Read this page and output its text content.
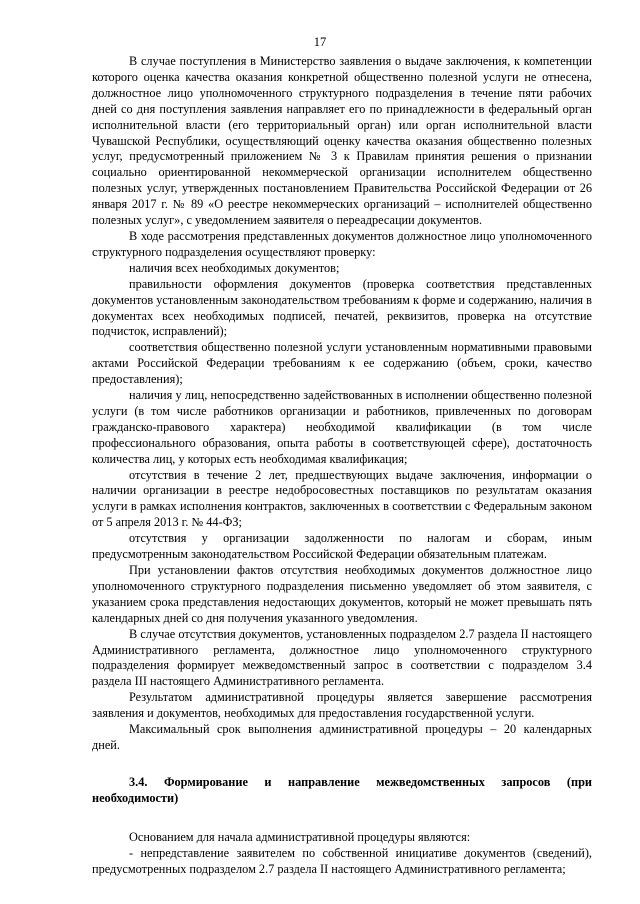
17

В случае поступления в Министерство заявления о выдаче заключения, к компетенции которого оценка качества оказания конкретной общественно полезной услуги не отнесена, должностное лицо уполномоченного структурного подразделения в течение пяти рабочих дней со дня поступления заявления направляет его по принадлежности в федеральный орган исполнительной власти (его территориальный орган) или орган исполнительной власти Чувашской Республики, осуществляющий оценку качества оказания общественно полезных услуг, предусмотренный приложением № 3 к Правилам принятия решения о признании социально ориентированной некоммерческой организации исполнителем общественно полезных услуг, утвержденных постановлением Правительства Российской Федерации от 26 января 2017 г. № 89 «О реестре некоммерческих организаций – исполнителей общественно полезных услуг», с уведомлением заявителя о переадресации документов.

В ходе рассмотрения представленных документов должностное лицо уполномоченного структурного подразделения осуществляют проверку:

наличия всех необходимых документов;

правильности оформления документов (проверка соответствия представленных документов установленным законодательством требованиям к форме и содержанию, наличия в документах всех необходимых подписей, печатей, реквизитов, проверка на отсутствие подчисток, исправлений);

соответствия общественно полезной услуги установленным нормативными правовыми актами Российской Федерации требованиям к ее содержанию (объем, сроки, качество предоставления);

наличия у лиц, непосредственно задействованных в исполнении общественно полезной услуги (в том числе работников организации и работников, привлеченных по договорам гражданско-правового характера) необходимой квалификации (в том числе профессионального образования, опыта работы в соответствующей сфере), достаточность количества лиц, у которых есть необходимая квалификация;

отсутствия в течение 2 лет, предшествующих выдаче заключения, информации о наличии организации в реестре недобросовестных поставщиков по результатам оказания услуги в рамках исполнения контрактов, заключенных в соответствии с Федеральным законом от 5 апреля 2013 г. № 44-ФЗ;

отсутствия у организации задолженности по налогам и сборам, иным предусмотренным законодательством Российской Федерации обязательным платежам.

При установлении фактов отсутствия необходимых документов должностное лицо уполномоченного структурного подразделения письменно уведомляет об этом заявителя, с указанием срока представления недостающих документов, который не может превышать пять календарных дней со дня получения указанного уведомления.

В случае отсутствия документов, установленных подразделом 2.7 раздела II настоящего Административного регламента, должностное лицо уполномоченного структурного подразделения формирует межведомственный запрос в соответствии с подразделом 3.4 раздела III настоящего Административного регламента.

Результатом административной процедуры является завершение рассмотрения заявления и документов, необходимых для предоставления государственной услуги.

Максимальный срок выполнения административной процедуры – 20 календарных дней.

3.4. Формирование и направление межведомственных запросов (при необходимости)

Основанием для начала административной процедуры являются:

- непредставление заявителем по собственной инициативе документов (сведений), предусмотренных подразделом 2.7 раздела II настоящего Административного регламента;
